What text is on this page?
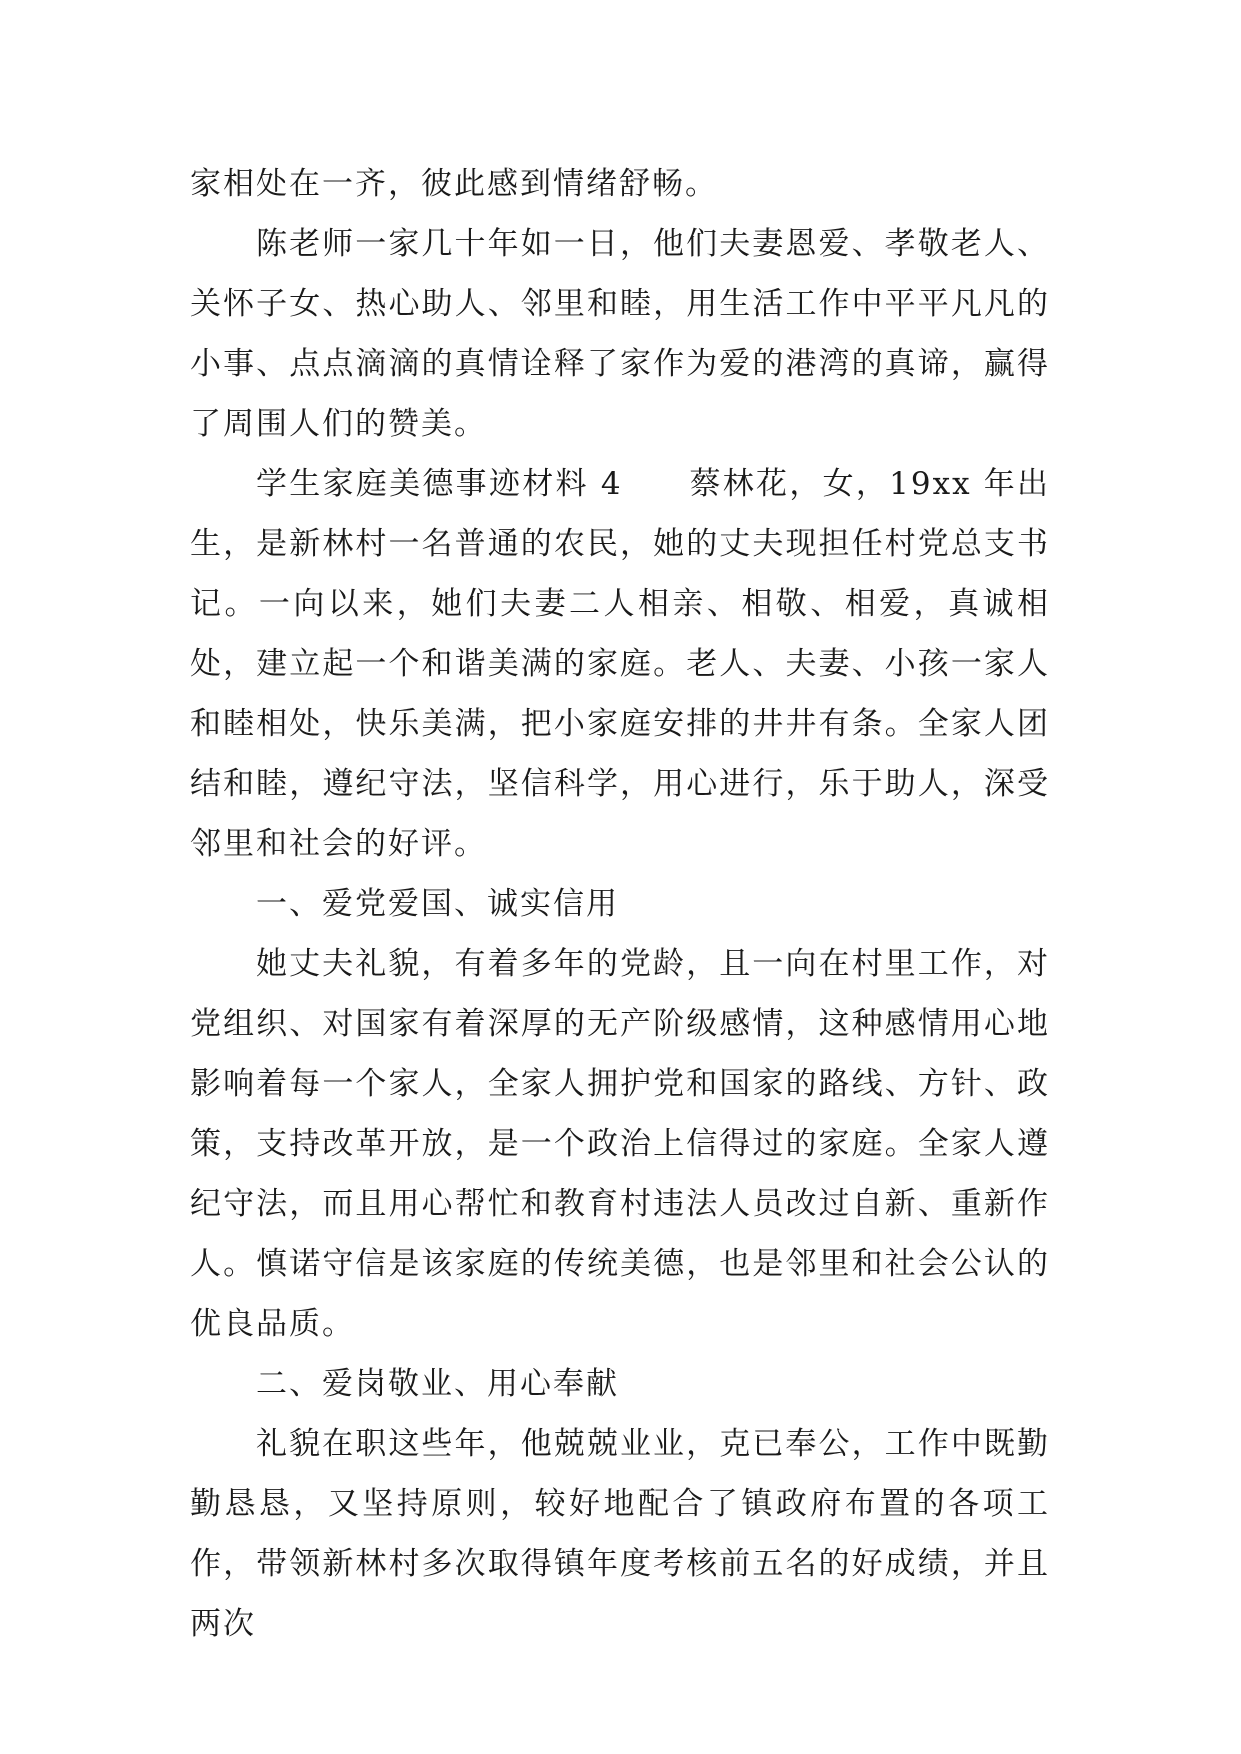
家相处在一齐，彼此感到情绪舒畅。

陈老师一家几十年如一日，他们夫妻恩爱、孝敬老人、关怀子女、热心助人、邻里和睦，用生活工作中平平凡凡的小事、点点滴滴的真情诠释了家作为爱的港湾的真谛，赢得了周围人们的赞美。

学生家庭美德事迹材料 4　　蔡林花，女，19xx 年出生，是新林村一名普通的农民，她的丈夫现担任村党总支书记。一向以来，她们夫妻二人相亲、相敬、相爱，真诚相处，建立起一个和谐美满的家庭。老人、夫妻、小孩一家人和睦相处，快乐美满，把小家庭安排的井井有条。全家人团结和睦，遵纪守法，坚信科学，用心进行，乐于助人，深受邻里和社会的好评。

一、爱党爱国、诚实信用

她丈夫礼貌，有着多年的党龄，且一向在村里工作，对党组织、对国家有着深厚的无产阶级感情，这种感情用心地影响着每一个家人，全家人拥护党和国家的路线、方针、政策，支持改革开放，是一个政治上信得过的家庭。全家人遵纪守法，而且用心帮忙和教育村违法人员改过自新、重新作人。慎诺守信是该家庭的传统美德，也是邻里和社会公认的优良品质。

二、爱岗敬业、用心奉献

礼貌在职这些年，他兢兢业业，克已奉公，工作中既勤勤恳恳，又坚持原则，较好地配合了镇政府布置的各项工作，带领新林村多次取得镇年度考核前五名的好成绩，并且两次
